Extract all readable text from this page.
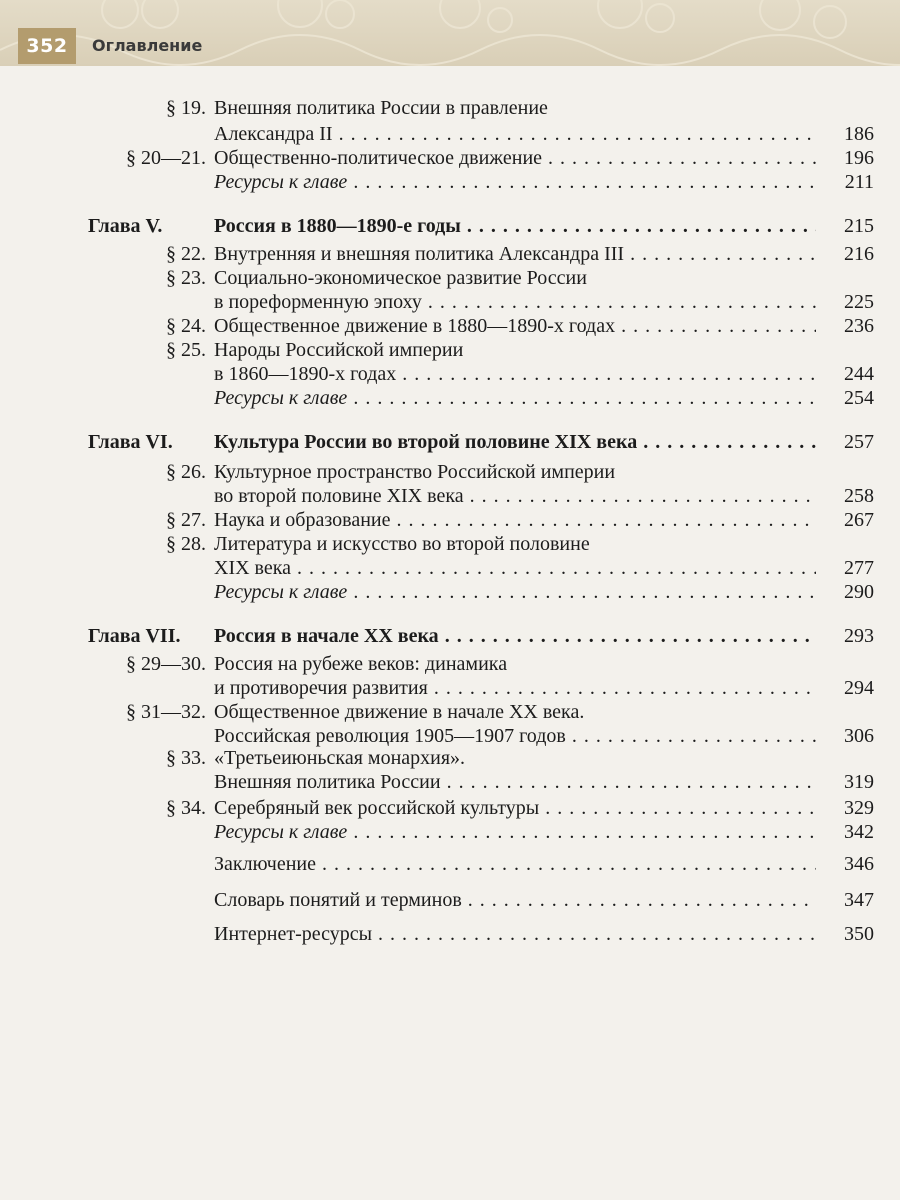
352	Оглавление
§ 19. Внешняя политика России в правление
Александра II . . .	186
§ 20—21. Общественно-политическое движение . . .	196
Ресурсы к главе . . .	211
Глава V.	Россия в 1880—1890-е годы . . .	215
§ 22. Внутренняя и внешняя политика Александра III . . .	216
§ 23. Социально-экономическое развитие России
в пореформенную эпоху . . .	225
§ 24. Общественное движение в 1880—1890-х годах . . .	236
§ 25. Народы Российской империи
в 1860—1890-х годах . . .	244
Ресурсы к главе . . .	254
Глава VI. Культура России во второй половине XIX века . . .	257
§ 26. Культурное пространство Российской империи
во второй половине XIX века . . .	258
§ 27. Наука и образование . . .	267
§ 28. Литература и искусство во второй половине
XIX века . . .	277
Ресурсы к главе . . .	290
Глава VII. Россия в начале XX века . . .	293
§ 29—30. Россия на рубеже веков: динамика
и противоречия развития . . .	294
§ 31—32. Общественное движение в начале XX века.
Российская революция 1905—1907 годов . . .	306
§ 33. «Третьеиюньская монархия».
Внешняя политика России . . .	319
§ 34. Серебряный век российской культуры . . .	329
Ресурсы к главе . . .	342
Заключение . . .	346
Словарь понятий и терминов . . .	347
Интернет-ресурсы . . .	350
